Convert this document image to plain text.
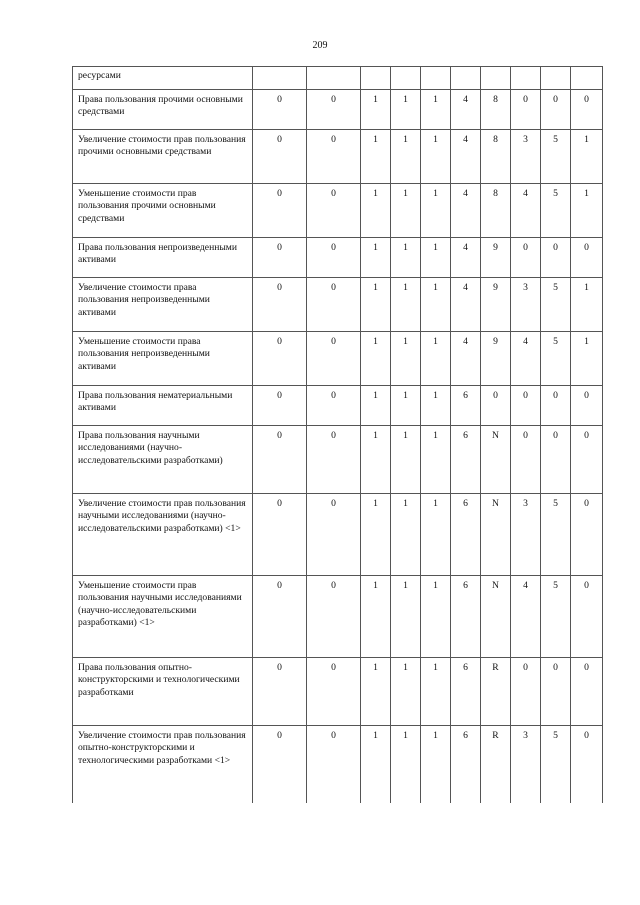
209
ресурсами										
Права пользования прочими основными средствами	0	0	1	1	1	4	8	0	0	0
Увеличение стоимости прав пользования прочими основными средствами	0	0	1	1	1	4	8	3	5	1
Уменьшение стоимости прав пользования прочими основными средствами	0	0	1	1	1	4	8	4	5	1
Права пользования непроизведенными активами	0	0	1	1	1	4	9	0	0	0
Увеличение стоимости права пользования непроизведенными активами	0	0	1	1	1	4	9	3	5	1
Уменьшение стоимости права пользования непроизведенными активами	0	0	1	1	1	4	9	4	5	1
Права пользования нематериальными активами	0	0	1	1	1	6	0	0	0	0
Права пользования научными исследованиями (научно-исследовательскими разработками)	0	0	1	1	1	6	N	0	0	0
Увеличение стоимости прав пользования научными исследованиями (научно-исследовательскими разработками) <1>	0	0	1	1	1	6	N	3	5	0
Уменьшение стоимости прав пользования научными исследованиями (научно-исследовательскими разработками) <1>	0	0	1	1	1	6	N	4	5	0
Права пользования опытно-конструкторскими и технологическими разработками	0	0	1	1	1	6	R	0	0	0
Увеличение стоимости прав пользования опытно-конструкторскими и технологическими разработками <1>	0	0	1	1	1	6	R	3	5	0
